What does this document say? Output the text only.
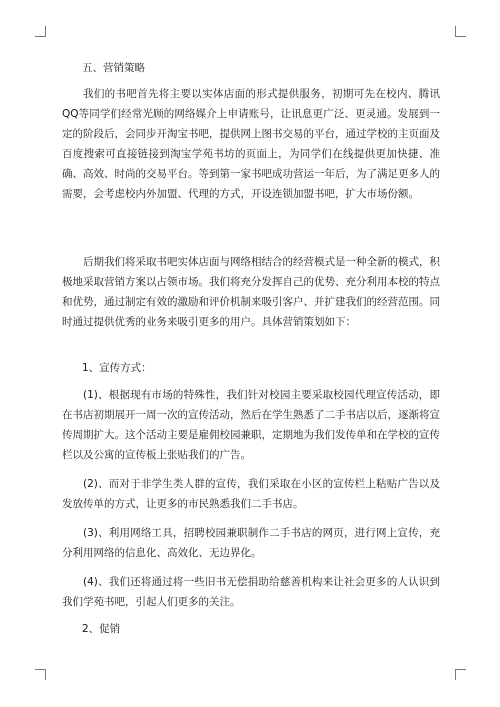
五、营销策略

我们的书吧首先将主要以实体店面的形式提供服务，初期可先在校内、腾讯QQ等同学们经常光顾的网络媒介上申请账号，让讯息更广泛、更灵通。发展到一定的阶段后，会同步开淘宝书吧，提供网上图书交易的平台，通过学校的主页面及百度搜索可直接链接到淘宝学苑书坊的页面上，为同学们在线提供更加快捷、准确、高效、时尚的交易平台。等到第一家书吧成功营运一年后，为了满足更多人的需要，会考虑校内外加盟、代理的方式，开设连锁加盟书吧，扩大市场份额。

后期我们将采取书吧实体店面与网络相结合的经营模式是一种全新的模式，积极地采取营销方案以占领市场。我们将充分发挥自己的优势、充分利用本校的特点和优势，通过制定有效的激励和评价机制来吸引客户、并扩建我们的经营范围。同时通过提供优秀的业务来吸引更多的用户。具体营销策划如下：

1、宣传方式：

(1)、根据现有市场的特殊性，我们针对校园主要采取校园代理宣传活动，即在书店初期展开一周一次的宣传活动，然后在学生熟悉了二手书店以后，逐渐将宣传周期扩大。这个活动主要是雇佣校园兼职，定期地为我们发传单和在学校的宣传栏以及公寓的宣传板上张贴我们的广告。

(2)、而对于非学生类人群的宣传，我们采取在小区的宣传栏上粘贴广告以及发放传单的方式，让更多的市民熟悉我们二手书店。

(3)、利用网络工具，招聘校园兼职制作二手书店的网页，进行网上宣传，充分利用网络的信息化、高效化、无边界化。

(4)、我们还将通过将一些旧书无偿捐助给慈善机构来让社会更多的人认识到我们学苑书吧，引起人们更多的关注。

2、促销
